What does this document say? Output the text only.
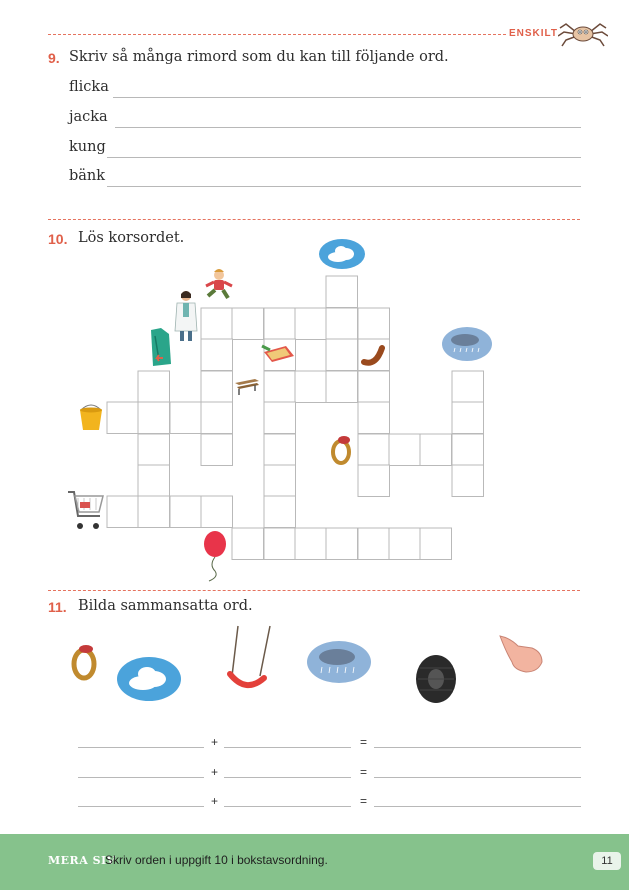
ENSKILT
9. Skriv så många rimord som du kan till följande ord.
flicka
jacka
kung
bänk
10. Lös korsordet.
11. Bilda sammansatta ord.
+	=
+	=
+	=
MERA SIV
Skriv orden i uppgift 10 i bokstavsordning.	11
